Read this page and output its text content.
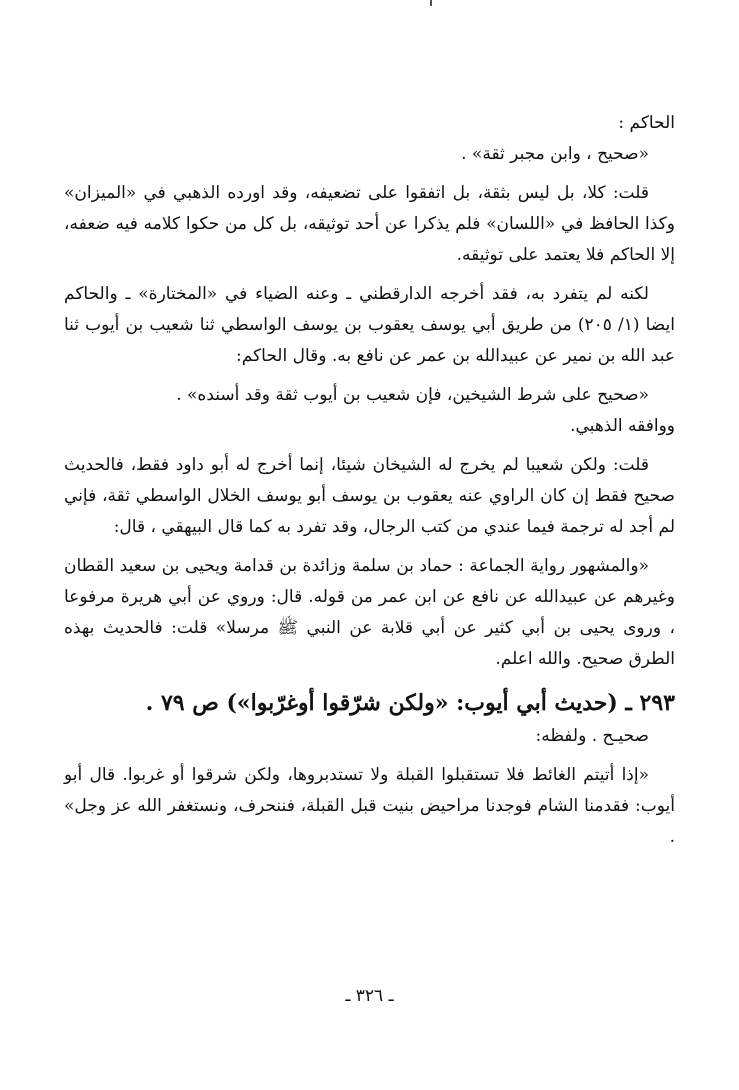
الحاكم :

«صحيح ، وابن مجبر ثقة» .

قلت: كلا، بل ليس بثقة، بل اتفقوا على تضعيفه، وقد اورده الذهبي في «الميزان» وكذا الحافظ في «اللسان» فلم يذكرا عن أحد توثيقه، بل كل من حكوا كلامه فيه ضعفه، إلا الحاكم فلا يعتمد على توثيقه.

لكنه لم يتفرد به، فقد أخرجه الدارقطني ـ وعنه الضياء في «المختارة» ـ والحاكم ايضا (١/ ٢٠٥) من طريق أبي يوسف يعقوب بن يوسف الواسطي ثنا شعيب بن أيوب ثنا عبد الله بن نمير عن عبيدالله بن عمر عن نافع به. وقال الحاكم:

«صحيح على شرط الشيخين، فإن شعيب بن أيوب ثقة وقد أسنده» .

ووافقه الذهبي.

قلت: ولكن شعيبا لم يخرج له الشيخان شيئا، إنما أخرج له أبو داود فقط، فالحديث صحيح فقط إن كان الراوي عنه يعقوب بن يوسف أبو يوسف الخلال الواسطي ثقة، فإني لم أجد له ترجمة فيما عندي من كتب الرجال، وقد تفرد به كما قال البيهقي ، قال:

«والمشهور رواية الجماعة : حماد بن سلمة وزائدة بن قدامة ويحيى بن سعيد القطان وغيرهم عن عبيدالله عن نافع عن ابن عمر من قوله. قال: وروي عن أبي هريرة مرفوعا ، وروى يحيى بن أبي كثير عن أبي قلابة عن النبي ﷺ مرسلا» قلت: فالحديث بهذه الطرق صحيح. والله اعلم.

٢٩٣ ـ (حديث أبي أيوب: «ولكن شرّقوا أوغرّبوا») ص ٧٩ .

صحيـح . ولفظه:

«إذا أتيتم الغائط فلا تستقبلوا القبلة ولا تستدبروها، ولكن شرقوا أو غربوا. قال أبو أيوب: فقدمنا الشام فوجدنا مراحيض بنيت قبل القبلة، فننحرف، ونستغفر الله عز وجل» .

ـ ٣٢٦ ـ
